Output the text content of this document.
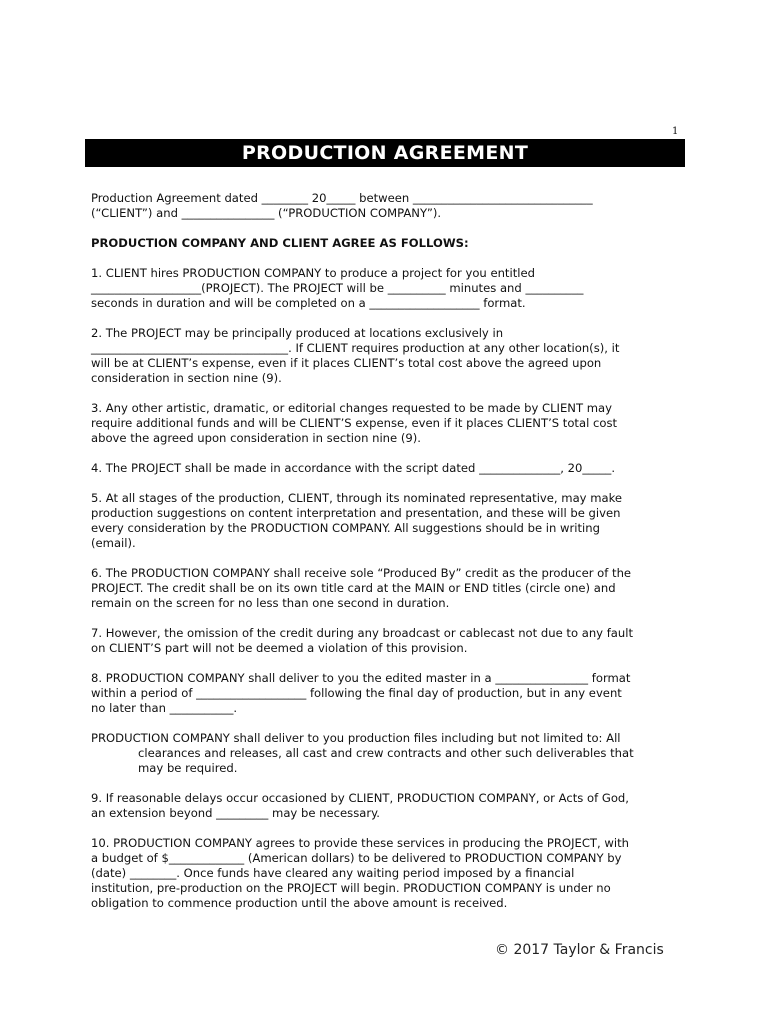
1
PRODUCTION AGREEMENT

Production Agreement dated ________ 20_____ between _______________________________
(“CLIENT”) and ________________ (“PRODUCTION COMPANY”).

PRODUCTION COMPANY AND CLIENT AGREE AS FOLLOWS:

1. CLIENT hires PRODUCTION COMPANY to produce a project for you entitled
___________________(PROJECT). The PROJECT will be __________ minutes and __________
seconds in duration and will be completed on a ___________________ format.

2. The PROJECT may be principally produced at locations exclusively in
__________________________________. If CLIENT requires production at any other location(s), it
will be at CLIENT’s expense, even if it places CLIENT’s total cost above the agreed upon
consideration in section nine (9).

3. Any other artistic, dramatic, or editorial changes requested to be made by CLIENT may
require additional funds and will be CLIENT’S expense, even if it places CLIENT’S total cost
above the agreed upon consideration in section nine (9).

4. The PROJECT shall be made in accordance with the script dated ______________, 20_____.

5. At all stages of the production, CLIENT, through its nominated representative, may make
production suggestions on content interpretation and presentation, and these will be given
every consideration by the PRODUCTION COMPANY. All suggestions should be in writing
(email).

6. The PRODUCTION COMPANY shall receive sole “Produced By” credit as the producer of the
PROJECT. The credit shall be on its own title card at the MAIN or END titles (circle one) and
remain on the screen for no less than one second in duration.

7. However, the omission of the credit during any broadcast or cablecast not due to any fault
on CLIENT’S part will not be deemed a violation of this provision.

8. PRODUCTION COMPANY shall deliver to you the edited master in a ________________ format
within a period of ___________________ following the final day of production, but in any event
no later than ___________.

PRODUCTION COMPANY shall deliver to you production files including but not limited to: All
clearances and releases, all cast and crew contracts and other such deliverables that
may be required.

9. If reasonable delays occur occasioned by CLIENT, PRODUCTION COMPANY, or Acts of God,
an extension beyond _________ may be necessary.

10. PRODUCTION COMPANY agrees to provide these services in producing the PROJECT, with
a budget of $_____________ (American dollars) to be delivered to PRODUCTION COMPANY by
(date) ________. Once funds have cleared any waiting period imposed by a financial
institution, pre-production on the PROJECT will begin. PRODUCTION COMPANY is under no
obligation to commence production until the above amount is received.

© 2017 Taylor & Francis
